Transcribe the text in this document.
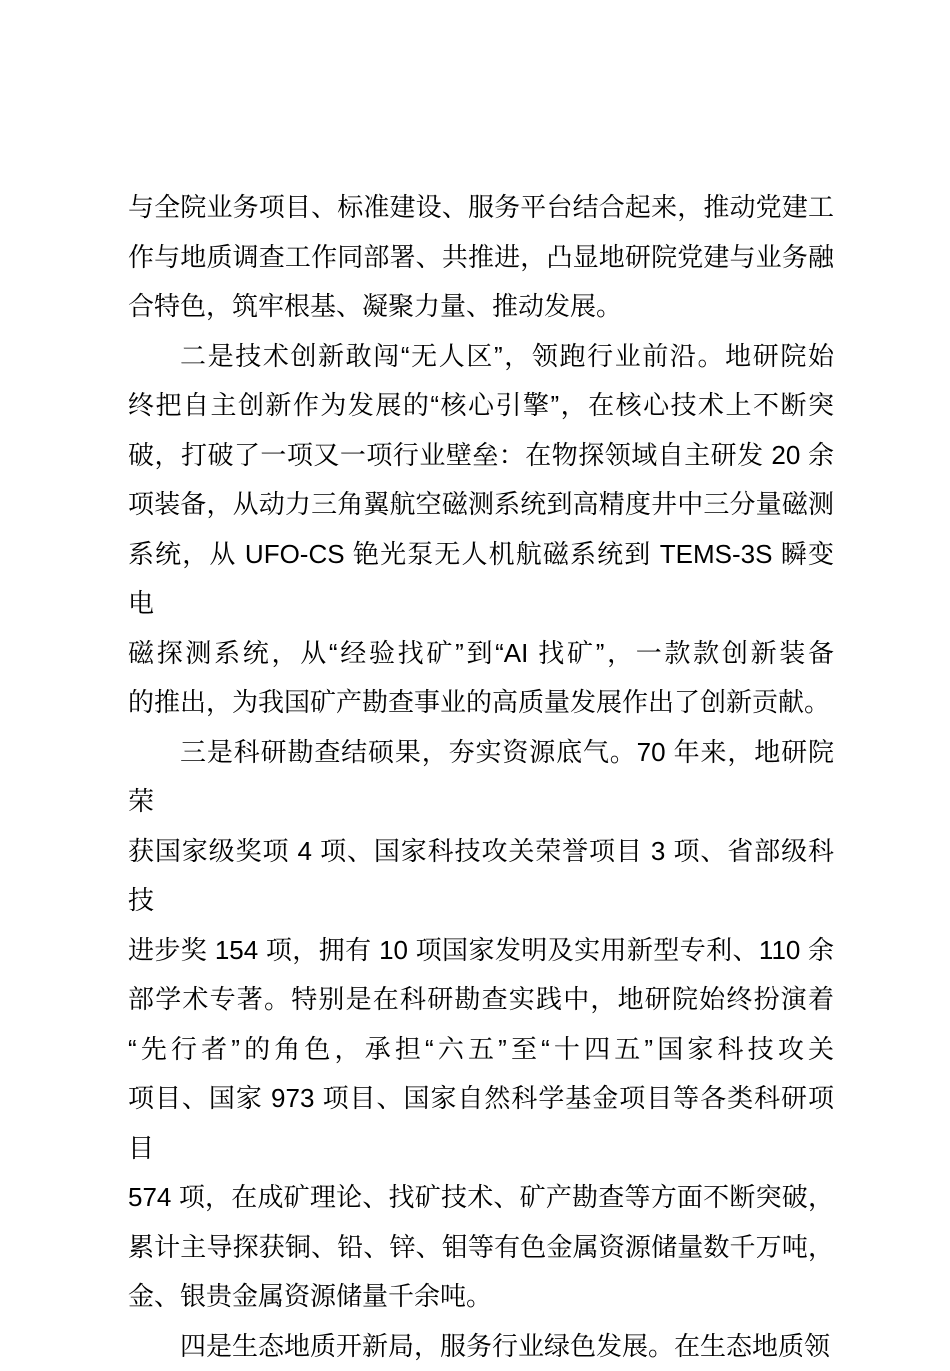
与全院业务项目、标准建设、服务平台结合起来，推动党建工
作与地质调查工作同部署、共推进，凸显地研院党建与业务融
合特色，筑牢根基、凝聚力量、推动发展。
二是技术创新敢闯“无人区”，领跑行业前沿。地研院始
终把自主创新作为发展的“核心引擎”，在核心技术上不断突
破，打破了一项又一项行业壁垒：在物探领域自主研发 20 余
项装备，从动力三角翼航空磁测系统到高精度井中三分量磁测
系统，从 UFO-CS 铯光泵无人机航磁系统到 TEMS-3S 瞬变电
磁探测系统，从“经验找矿”到“AI 找矿”，一款款创新装备
的推出，为我国矿产勘查事业的高质量发展作出了创新贡献。
三是科研勘查结硕果，夯实资源底气。70 年来，地研院荣
获国家级奖项 4 项、国家科技攻关荣誉项目 3 项、省部级科技
进步奖 154 项，拥有 10 项国家发明及实用新型专利、110 余
部学术专著。特别是在科研勘查实践中，地研院始终扮演着
“先行者”的角色，承担“六五”至“十四五”国家科技攻关
项目、国家 973 项目、国家自然科学基金项目等各类科研项目
574 项，在成矿理论、找矿技术、矿产勘查等方面不断突破，
累计主导探获铜、铅、锌、钼等有色金属资源储量数千万吨，
金、银贵金属资源储量千余吨。
四是生态地质开新局，服务行业绿色发展。在生态地质领
